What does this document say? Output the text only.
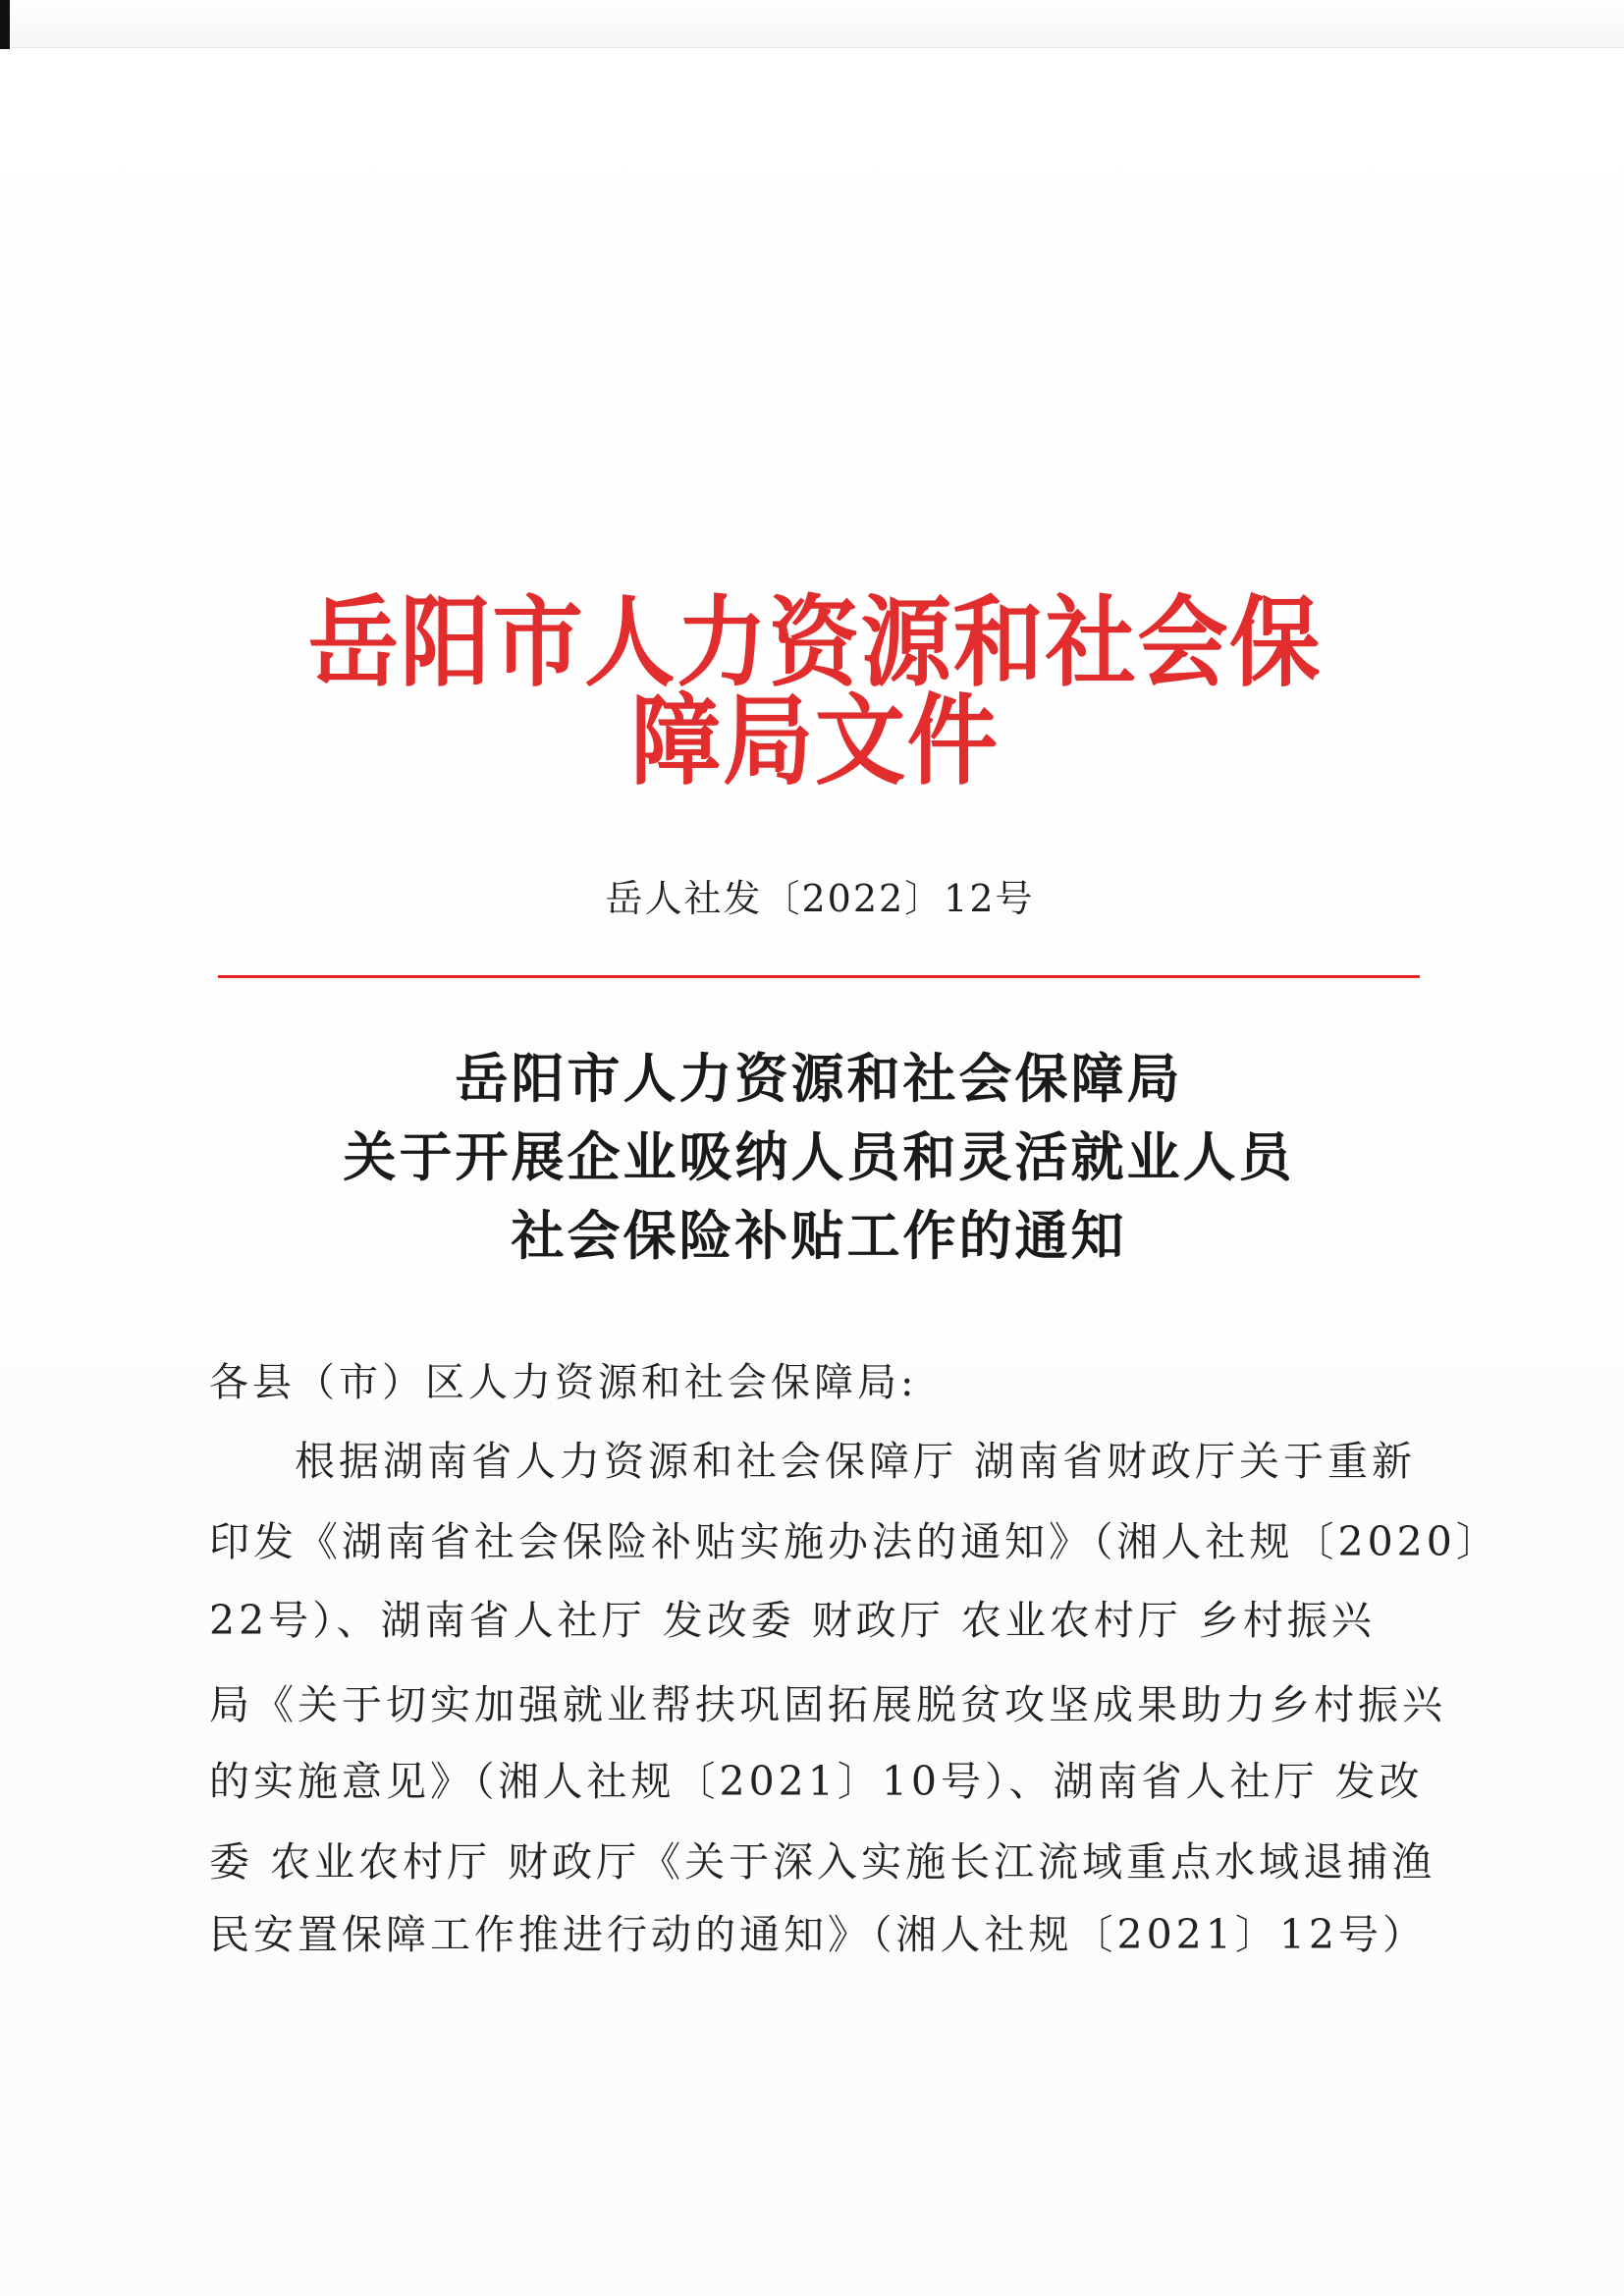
岳阳市人力资源和社会保障局文件
岳人社发〔2022〕12号
岳阳市人力资源和社会保障局
关于开展企业吸纳人员和灵活就业人员
社会保险补贴工作的通知
各县（市）区人力资源和社会保障局:
根据湖南省人力资源和社会保障厅 湖南省财政厅关于重新
印发《湖南省社会保险补贴实施办法的通知》（湘人社规〔2020〕
22号）、湖南省人社厅 发改委 财政厅 农业农村厅 乡村振兴
局《关于切实加强就业帮扶巩固拓展脱贫攻坚成果助力乡村振兴
的实施意见》（湘人社规〔2021〕10号）、湖南省人社厅 发改
委 农业农村厅 财政厅《关于深入实施长江流域重点水域退捕渔
民安置保障工作推进行动的通知》（湘人社规〔2021〕12号）
